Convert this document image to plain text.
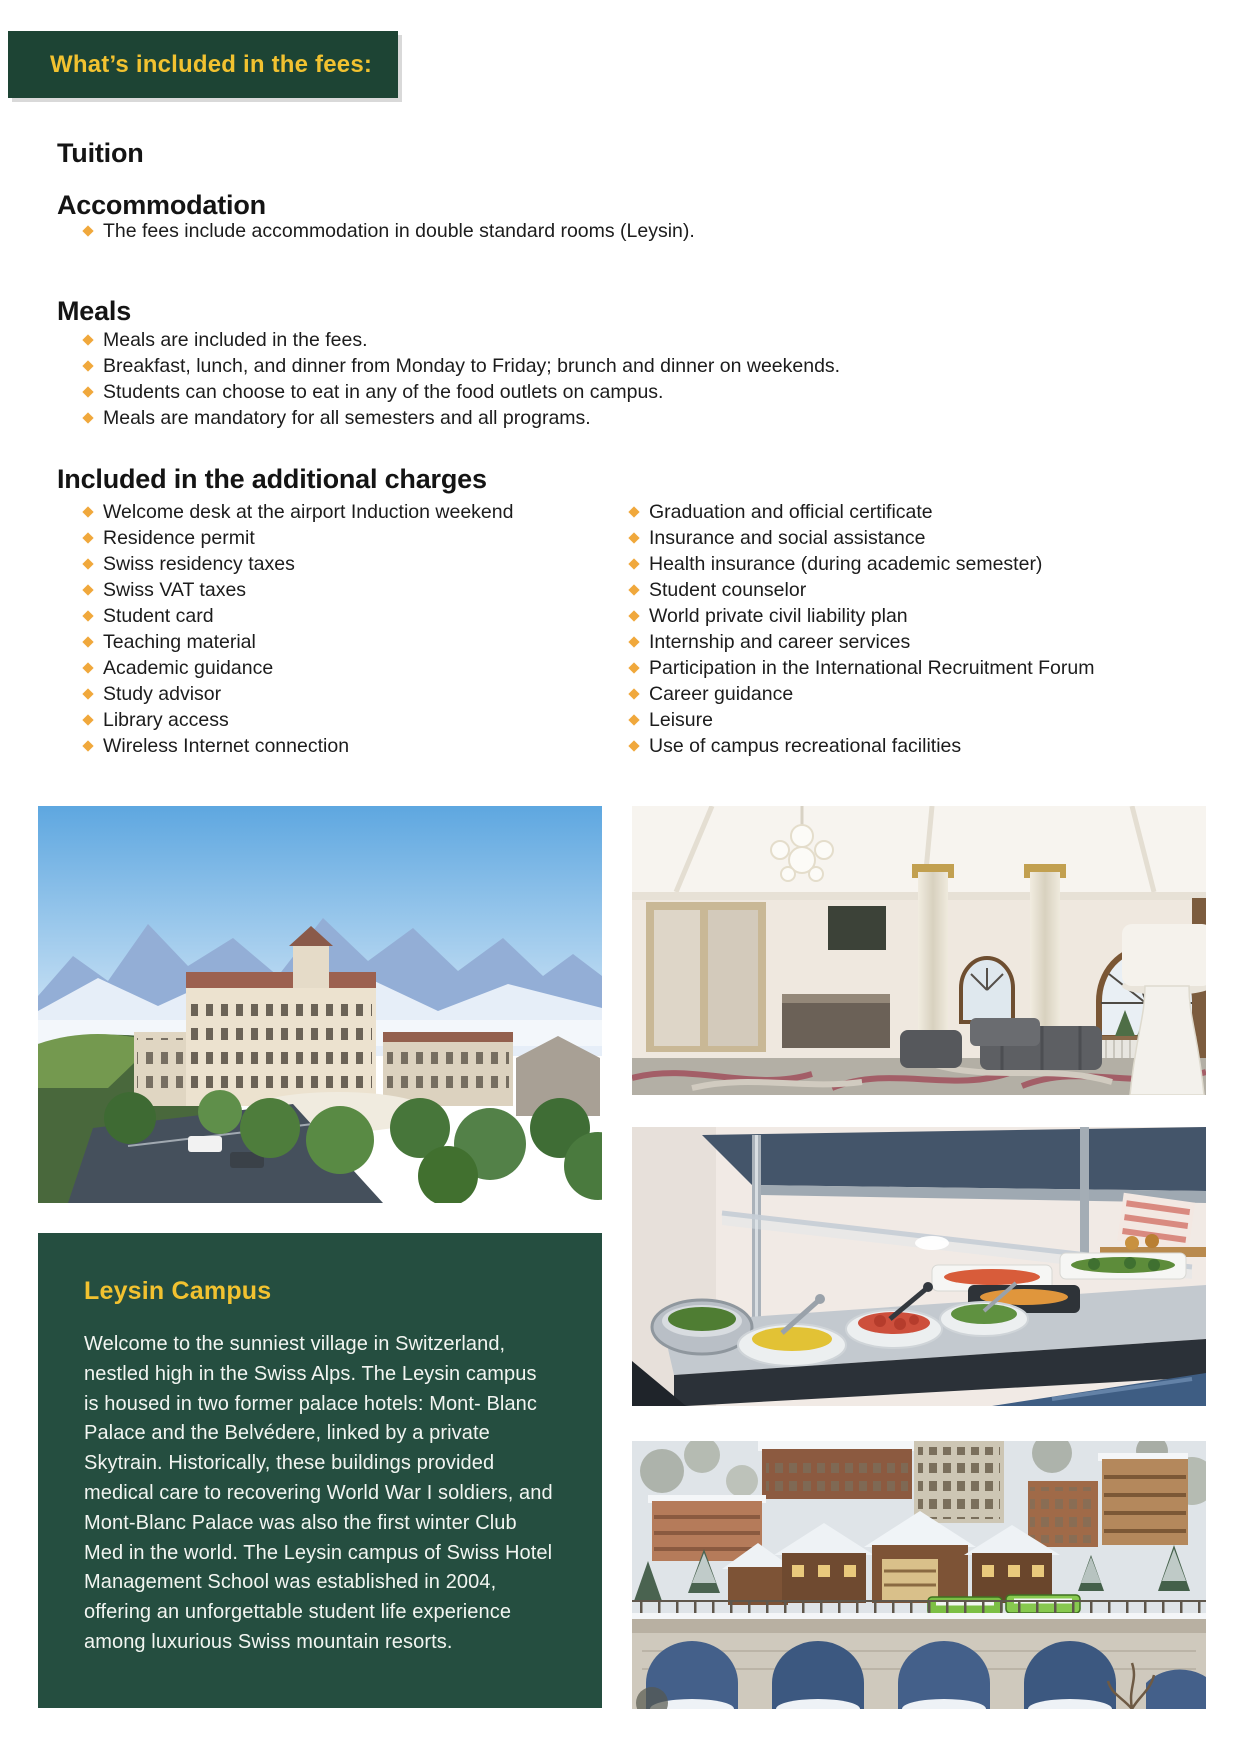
What’s included in the fees:
Tuition
Accommodation
The fees include accommodation in double standard rooms (Leysin).
Meals
Meals are included in the fees.
Breakfast, lunch, and dinner from Monday to Friday; brunch and dinner on weekends.
Students can choose to eat in any of the food outlets on campus.
Meals are mandatory for all semesters and all programs.
Included in the additional charges
Welcome desk at the airport Induction weekend
Residence permit
Swiss residency taxes
Swiss VAT taxes
Student card
Teaching material
Academic guidance
Study advisor
Library access
Wireless Internet connection
Graduation and official certificate
Insurance and social assistance
Health insurance (during academic semester)
Student counselor
World private civil liability plan
Internship and career services
Participation in the International Recruitment Forum
Career guidance
Leisure
Use of campus recreational facilities
Leysin Campus
Welcome to the sunniest village in Switzerland, nestled high in the Swiss Alps. The Leysin campus is housed in two former palace hotels: Mont- Blanc Palace and the Belvédere, linked by a private Skytrain. Historically, these buildings provided medical care to recovering World War I soldiers, and Mont-Blanc Palace was also the first winter Club Med in the world. The Leysin campus of Swiss Hotel Management School was established in 2004, offering an unforgettable student life experience among luxurious Swiss mountain resorts.
